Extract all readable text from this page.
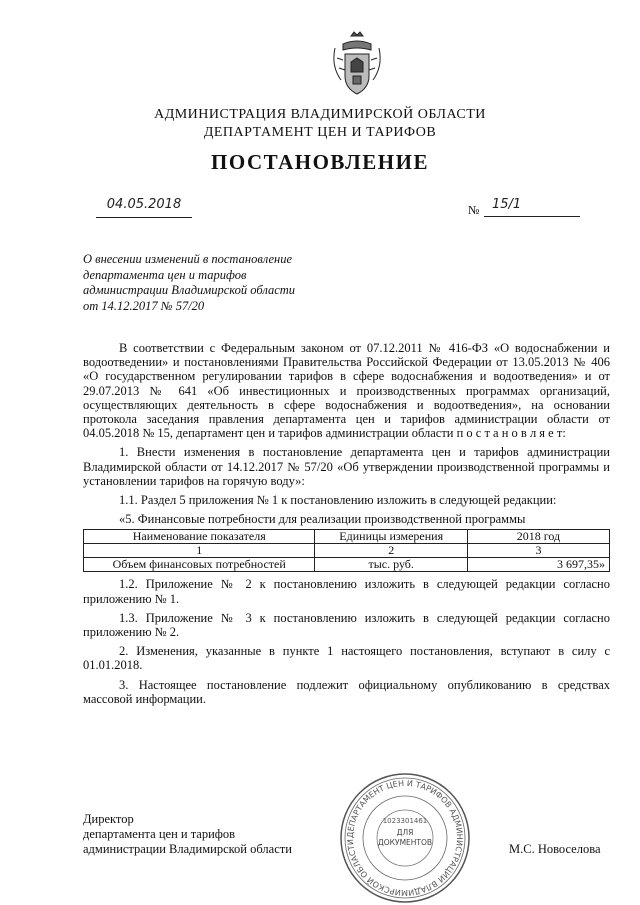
АДМИНИСТРАЦИЯ ВЛАДИМИРСКОЙ ОБЛАСТИ
ДЕПАРТАМЕНТ ЦЕН И ТАРИФОВ
ПОСТАНОВЛЕНИЕ
04.05.2018	№ 15/1
О внесении изменений в постановление
департамента цен и тарифов
администрации Владимирской области
от 14.12.2017 № 57/20

В соответствии с Федеральным законом от 07.12.2011 № 416-ФЗ «О водоснабжении и водоотведении» и постановлениями Правительства Российской Федерации от 13.05.2013 № 406 «О государственном регулировании тарифов в сфере водоснабжения и водоотведения» и от 29.07.2013 № 641 «Об инвестиционных и производственных программах организаций, осуществляющих деятельность в сфере водоснабжения и водоотведения», на основании протокола заседания правления департамента цен и тарифов администрации области от 04.05.2018 № 15, департамент цен и тарифов администрации области п о с т а н о в л я е т:

1. Внести изменения в постановление департамента цен и тарифов администрации Владимирской области от 14.12.2017 № 57/20 «Об утверждении производственной программы и установлении тарифов на горячую воду»:

1.1. Раздел 5 приложения № 1 к постановлению изложить в следующей редакции:

«5. Финансовые потребности для реализации производственной программы

Наименование показателя	Единицы измерения	2018 год
1	2	3
Объем финансовых потребностей	тыс. руб.	3 697,35»

1.2. Приложение № 2 к постановлению изложить в следующей редакции согласно приложению № 1.

1.3. Приложение № 3 к постановлению изложить в следующей редакции согласно приложению № 2.

2. Изменения, указанные в пункте 1 настоящего постановления, вступают в силу с 01.01.2018.

3. Настоящее постановление подлежит официальному опубликованию в средствах массовой информации.

Директор
департамента цен и тарифов
администрации Владимирской области	М.С. Новоселова
ДЕПАРТАМЕНТ ЦЕН И ТАРИФОВ АДМИНИСТРАЦИИ ВЛАДИМИРСКОЙ ОБЛАСТИ
1023301461
ДЛЯ
ДОКУМЕНТОВ
